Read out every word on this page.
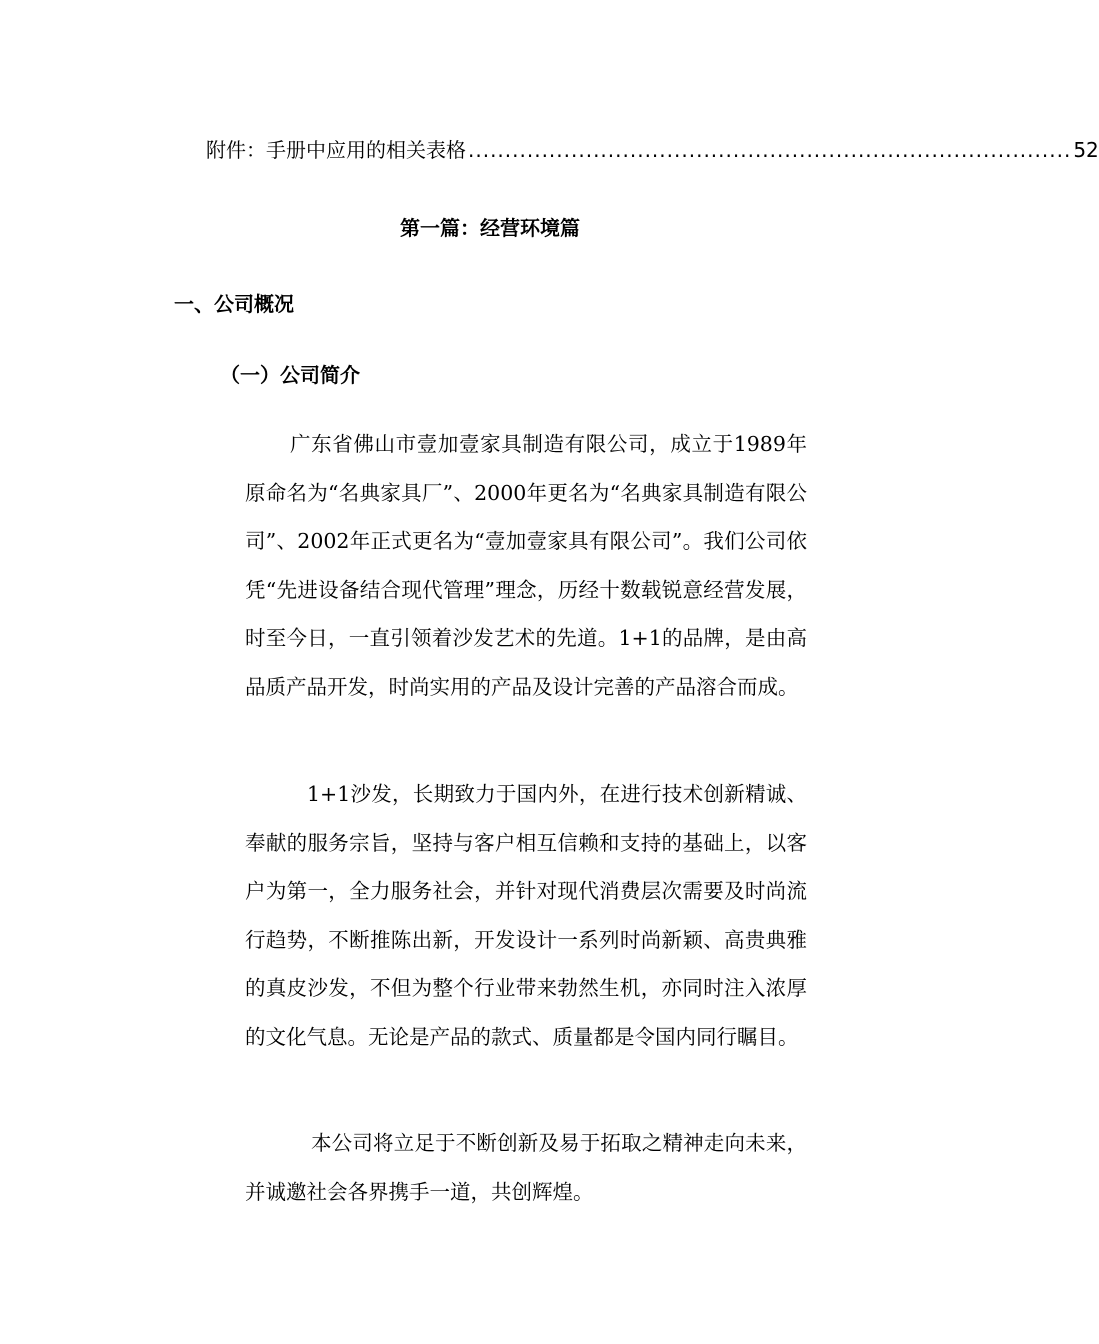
附件：手册中应用的相关表格 .................................................................................. 52
第一篇：经营环境篇
一、公司概况
（一）公司简介
广东省佛山市壹加壹家具制造有限公司，成立于1989年原命名为“名典家具厂”、2000年更名为“名典家具制造有限公司”、2002年正式更名为“壹加壹家具有限公司”。我们公司依凭“先进设备结合现代管理”理念，历经十数载锐意经营发展，时至今日，一直引领着沙发艺术的先道。1+1的品牌，是由高品质产品开发，时尚实用的产品及设计完善的产品溶合而成。
1+1沙发，长期致力于国内外，在进行技术创新精诚、奉献的服务宗旨，坚持与客户相互信赖和支持的基础上，以客户为第一，全力服务社会，并针对现代消费层次需要及时尚流行趋势，不断推陈出新，开发设计一系列时尚新颖、高贵典雅的真皮沙发，不但为整个行业带来勃然生机，亦同时注入浓厚的文化气息。无论是产品的款式、质量都是令国内同行瞩目。
本公司将立足于不断创新及易于拓取之精神走向未来，并诚邀社会各界携手一道，共创辉煌。
